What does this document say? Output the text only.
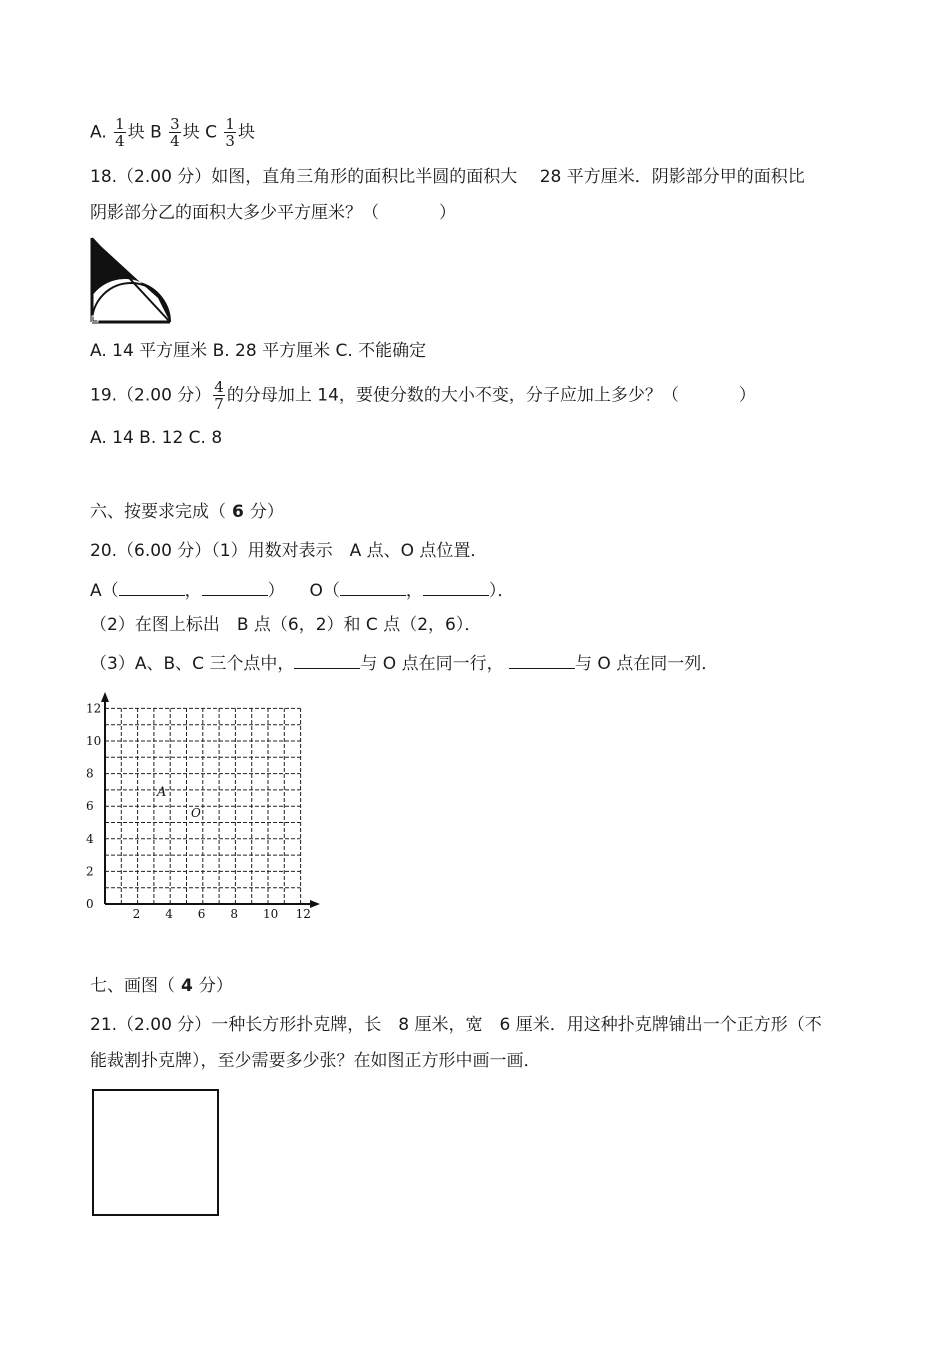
A. $\frac{1}{4}$ 块 B $\frac{3}{4}$ 块 C $\frac{1}{3}$ 块
18.（2.00 分）如图，直角三角形的面积比半圆的面积大　 28 平方厘米．阴影部分甲的面积比
阴影部分乙的面积大多少平方厘米？（	）
A. 14 平方厘米 B. 28 平方厘米 C. 不能确定
19.（2.00 分） $\frac{4}{7}$ 的分母加上 14，要使分数的大小不变，分子应加上多少？（	）
A. 14 B. 12 C. 8
六、按要求完成（ 6 分）
20.（6.00 分）（1）用数对表示　A 点、O 点位置．
A（	，	） O（	，	）．
（2）在图上标出　B 点（6，2）和 C 点（2，6）．
（3）A、B、C 三个点中，	与 O 点在同一行，	与 O 点在同一列．
12
10
8
6
4
2
0
2 4 6 8 10 12
A
O
七、画图（ 4 分）
21.（2.00 分）一种长方形扑克牌，长　8 厘米，宽　6 厘米．用这种扑克牌铺出一个正方形（不
能裁割扑克牌），至少需要多少张？在如图正方形中画一画．
